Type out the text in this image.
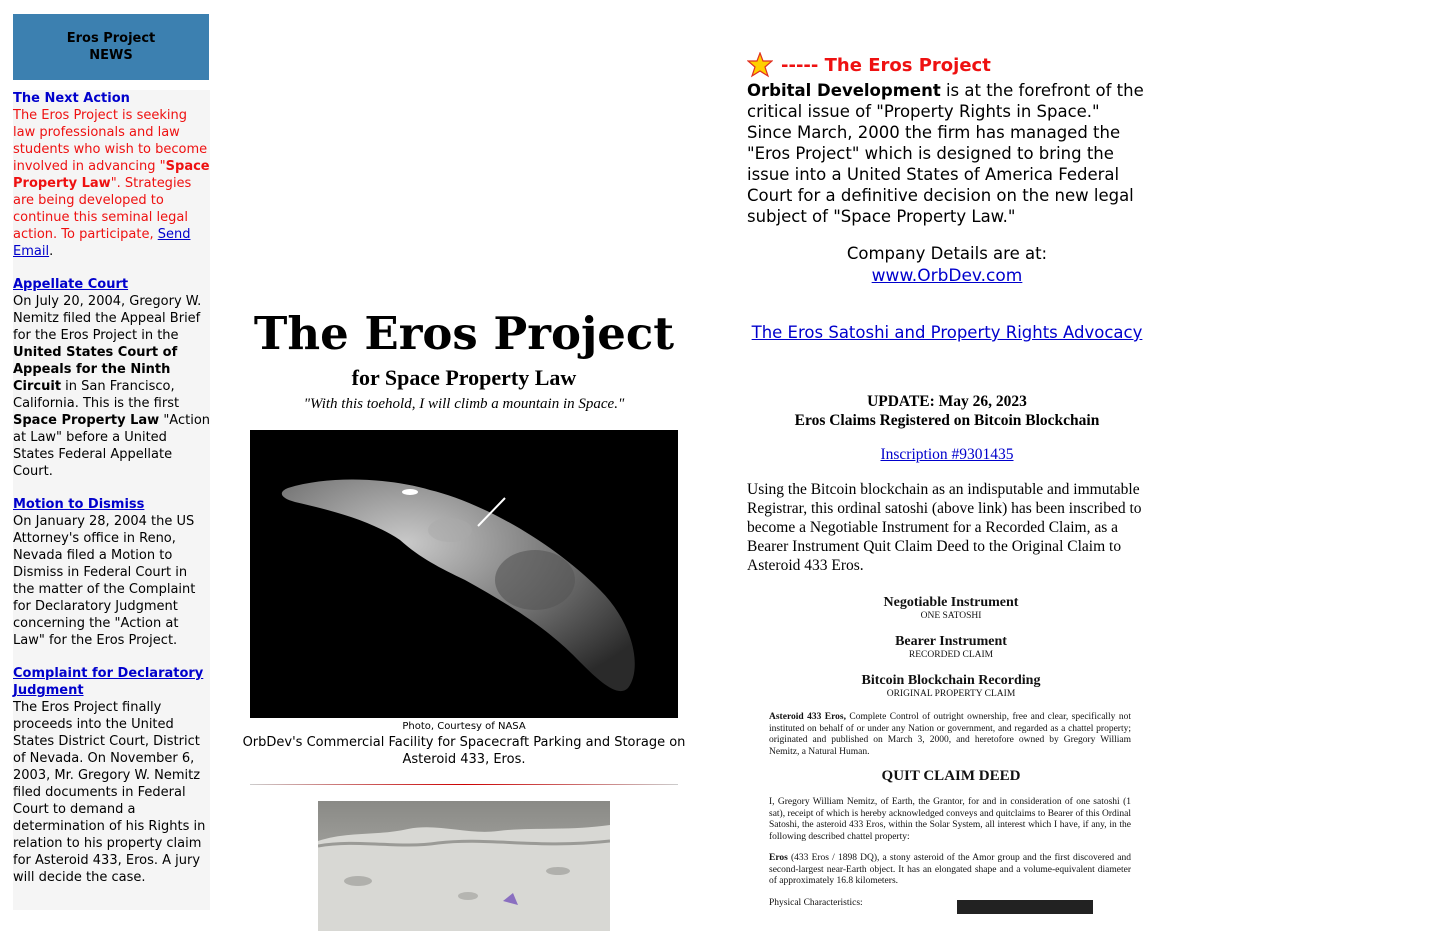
Eros Project
NEWS
The Next Action
The Eros Project is seeking law professionals and law students who wish to become involved in advancing "Space Property Law". Strategies are being developed to continue this seminal legal action. To participate, Send Email.
Appellate Court
On July 20, 2004, Gregory W. Nemitz filed the Appeal Brief for the Eros Project in the United States Court of Appeals for the Ninth Circuit in San Francisco, California. This is the first Space Property Law "Action at Law" before a United States Federal Appellate Court.
Motion to Dismiss
On January 28, 2004 the US Attorney's office in Reno, Nevada filed a Motion to Dismiss in Federal Court in the matter of the Complaint for Declaratory Judgment concerning the "Action at Law" for the Eros Project.
Complaint for Declaratory Judgment
The Eros Project finally proceeds into the United States District Court, District of Nevada. On November 6, 2003, Mr. Gregory W. Nemitz filed documents in Federal Court to demand a determination of his Rights in relation to his property claim for Asteroid 433, Eros. A jury will decide the case.
The Eros Project
for Space Property Law
"With this toehold, I will climb a mountain in Space."
Photo, Courtesy of NASA
OrbDev's Commercial Facility for Spacecraft Parking and Storage on Asteroid 433, Eros.
----- The Eros Project
Orbital Development is at the forefront of the critical issue of "Property Rights in Space." Since March, 2000 the firm has managed the "Eros Project" which is designed to bring the issue into a United States of America Federal Court for a definitive decision on the new legal subject of "Space Property Law."
Company Details are at:
www.OrbDev.com
The Eros Satoshi and Property Rights Advocacy
UPDATE: May 26, 2023
Eros Claims Registered on Bitcoin Blockchain
Inscription #9301435
Using the Bitcoin blockchain as an indisputable and immutable Registrar, this ordinal satoshi (above link) has been inscribed to become a Negotiable Instrument for a Recorded Claim, as a Bearer Instrument Quit Claim Deed to the Original Claim to Asteroid 433 Eros.
Negotiable Instrument
ONE SATOSHI
Bearer Instrument
RECORDED CLAIM
Bitcoin Blockchain Recording
ORIGINAL PROPERTY CLAIM
Asteroid 433 Eros, Complete Control of outright ownership, free and clear, specifically not instituted on behalf of or under any Nation or government, and regarded as a chattel property; originated and published on March 3, 2000, and heretofore owned by Gregory William Nemitz, a Natural Human.
QUIT CLAIM DEED
I, Gregory William Nemitz, of Earth, the Grantor, for and in consideration of one satoshi (1 sat), receipt of which is hereby acknowledged conveys and quitclaims to Bearer of this Ordinal Satoshi, the asteroid 433 Eros, within the Solar System, all interest which I have, if any, in the following described chattel property:
Eros (433 Eros / 1898 DQ), a stony asteroid of the Amor group and the first discovered and second-largest near-Earth object. It has an elongated shape and a volume-equivalent diameter of approximately 16.8 kilometers.
Physical Characteristics:
